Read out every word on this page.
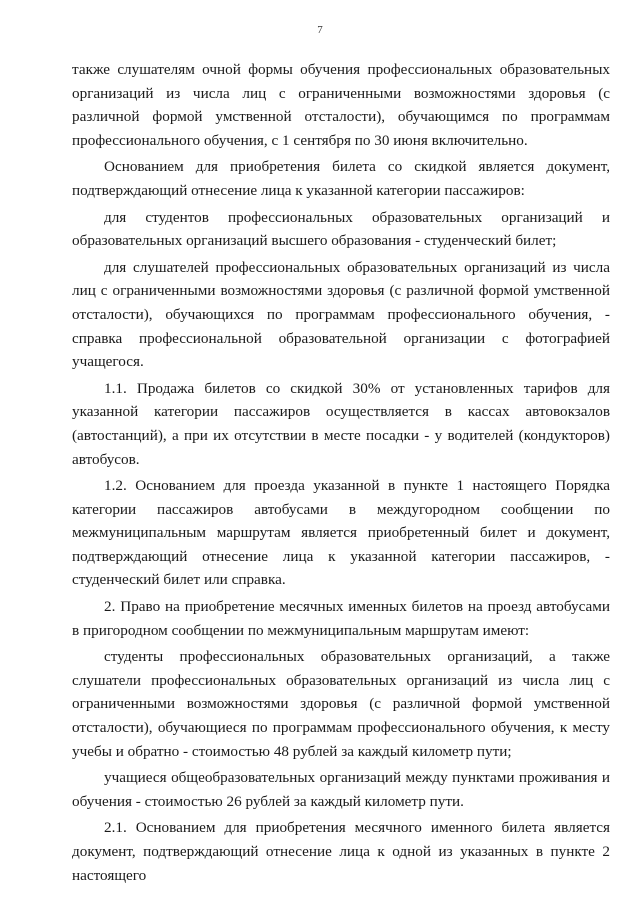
7

также слушателям очной формы обучения профессиональных образовательных организаций из числа лиц с ограниченными возможностями здоровья (с различной формой умственной отсталости), обучающимся по программам профессионального обучения, с 1 сентября по 30 июня включительно.

Основанием для приобретения билета со скидкой является документ, подтверждающий отнесение лица к указанной категории пассажиров:

для студентов профессиональных образовательных организаций и образовательных организаций высшего образования - студенческий билет;

для слушателей профессиональных образовательных организаций из числа лиц с ограниченными возможностями здоровья (с различной формой умственной отсталости), обучающихся по программам профессионального обучения, - справка профессиональной образовательной организации с фотографией учащегося.

1.1. Продажа билетов со скидкой 30% от установленных тарифов для указанной категории пассажиров осуществляется в кассах автовокзалов (автостанций), а при их отсутствии в месте посадки - у водителей (кондукторов) автобусов.

1.2. Основанием для проезда указанной в пункте 1 настоящего Порядка категории пассажиров автобусами в междугородном сообщении по межмуниципальным маршрутам является приобретенный билет и документ, подтверждающий отнесение лица к указанной категории пассажиров, - студенческий билет или справка.

2. Право на приобретение месячных именных билетов на проезд автобусами в пригородном сообщении по межмуниципальным маршрутам имеют:

студенты профессиональных образовательных организаций, а также слушатели профессиональных образовательных организаций из числа лиц с ограниченными возможностями здоровья (с различной формой умственной отсталости), обучающиеся по программам профессионального обучения, к месту учебы и обратно - стоимостью 48 рублей за каждый километр пути;

учащиеся общеобразовательных организаций между пунктами проживания и обучения - стоимостью 26 рублей за каждый километр пути.

2.1. Основанием для приобретения месячного именного билета является документ, подтверждающий отнесение лица к одной из указанных в пункте 2 настоящего
